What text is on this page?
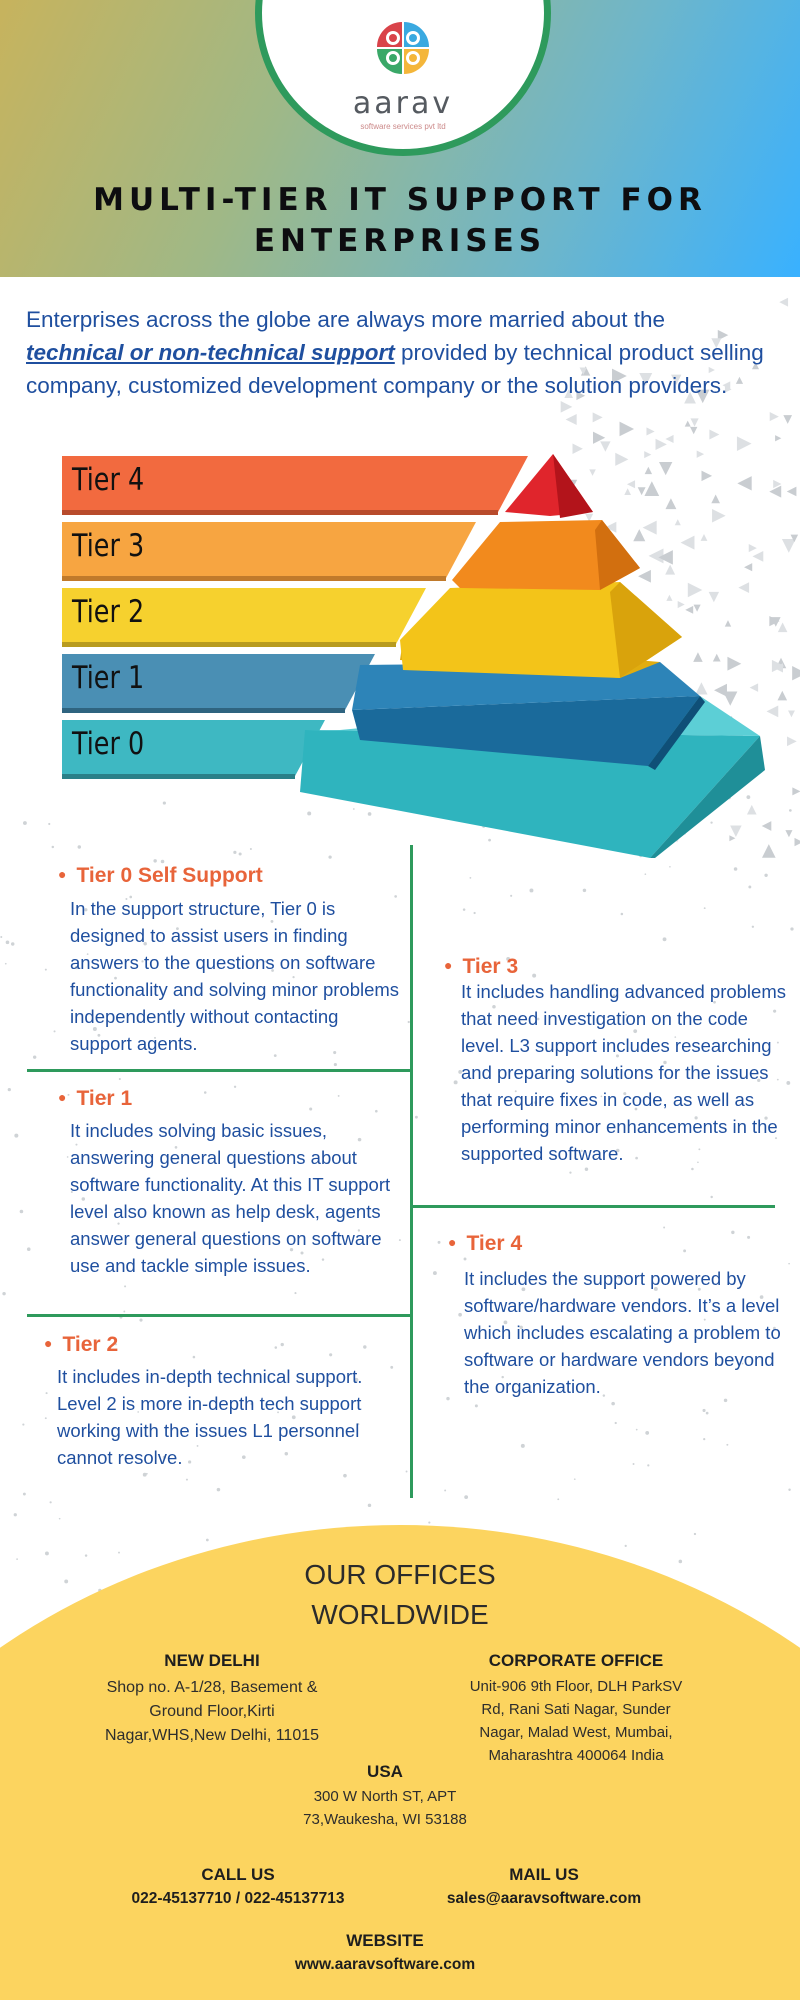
aarav
software services pvt ltd
MULTI-TIER IT SUPPORT FOR
ENTERPRISES
Enterprises across the globe are always more married about the technical or non-technical support provided by technical product selling company, customized development company or the solution providers.
Tier 4
Tier 3
Tier 2
Tier 1
Tier 0
● Tier 0 Self Support
In the support structure, Tier 0 is designed to assist users in finding answers to the questions on software functionality and solving minor problems independently without contacting support agents.
● Tier 1
It includes solving basic issues, answering general questions about software functionality. At this IT support level also known as help desk, agents answer general questions on software use and tackle simple issues.
● Tier 2
It includes in-depth technical support. Level 2 is more in-depth tech support working with the issues L1 personnel cannot resolve.
● Tier 3
It includes handling advanced problems that need investigation on the code level. L3 support includes researching and preparing solutions for the issues that require fixes in code, as well as performing minor enhancements in the supported software.
● Tier 4
It includes the support powered by software/hardware vendors. It’s a level which includes escalating a problem to software or hardware vendors beyond the organization.
OUR OFFICES
WORLDWIDE
NEW DELHI
Shop no. A-1/28, Basement &
Ground Floor,Kirti
Nagar,WHS,New Delhi, 11015
CORPORATE OFFICE
Unit-906 9th Floor, DLH ParkSV
Rd, Rani Sati Nagar, Sunder
Nagar, Malad West, Mumbai,
Maharashtra 400064 India
USA
300 W North ST, APT
73,Waukesha, WI 53188
CALL US
022-45137710 / 022-45137713
MAIL US
sales@aaravsoftware.com
WEBSITE
www.aaravsoftware.com
